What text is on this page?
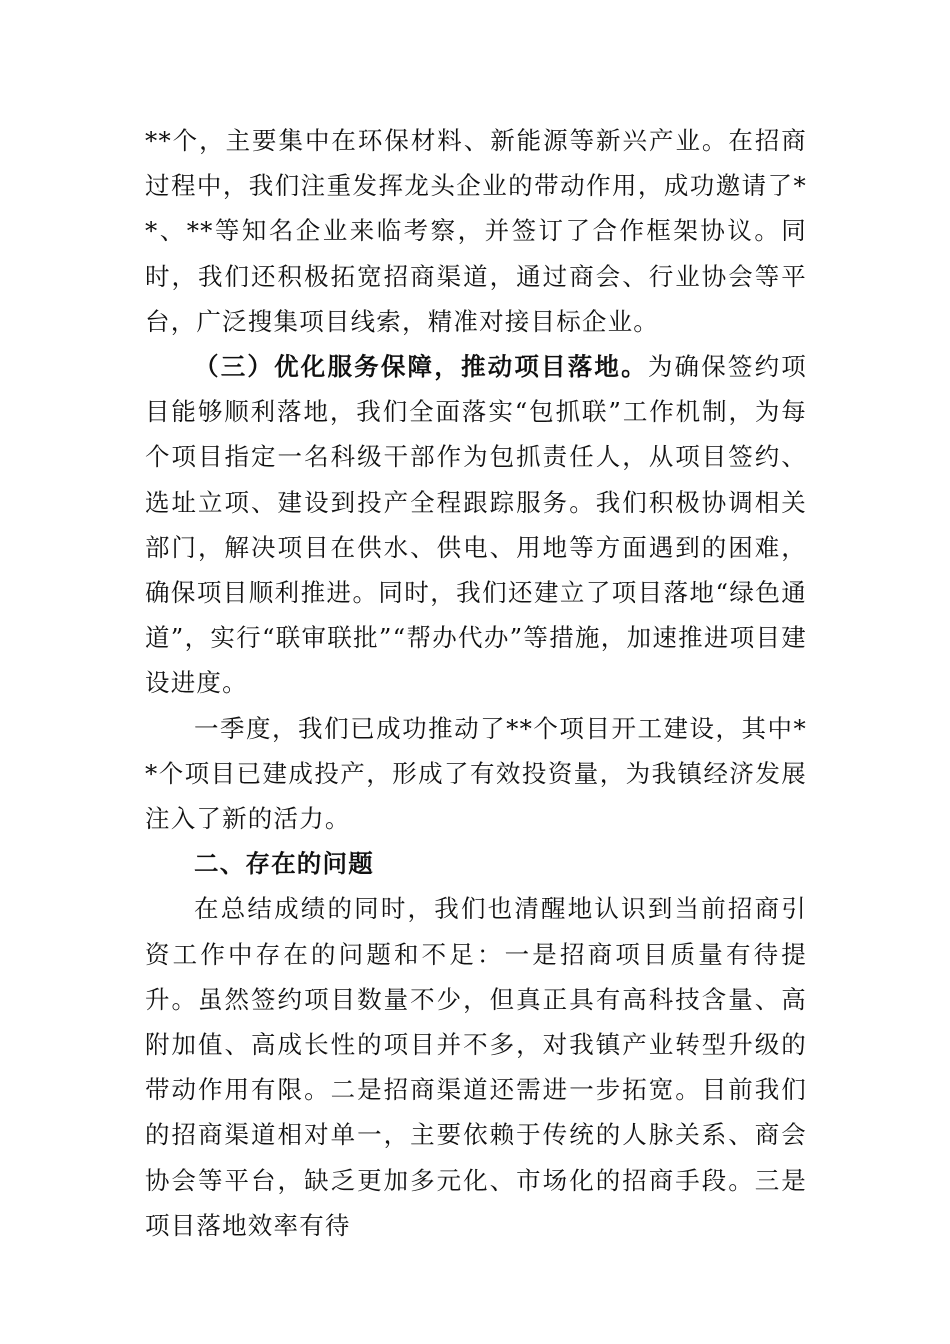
**个，主要集中在环保材料、新能源等新兴产业。在招商过程中，我们注重发挥龙头企业的带动作用，成功邀请了**、**等知名企业来临考察，并签订了合作框架协议。同时，我们还积极拓宽招商渠道，通过商会、行业协会等平台，广泛搜集项目线索，精准对接目标企业。

（三）优化服务保障，推动项目落地。为确保签约项目能够顺利落地，我们全面落实“包抓联”工作机制，为每个项目指定一名科级干部作为包抓责任人，从项目签约、选址立项、建设到投产全程跟踪服务。我们积极协调相关部门，解决项目在供水、供电、用地等方面遇到的困难，确保项目顺利推进。同时，我们还建立了项目落地“绿色通道”，实行“联审联批”“帮办代办”等措施，加速推进项目建设进度。

一季度，我们已成功推动了**个项目开工建设，其中**个项目已建成投产，形成了有效投资量，为我镇经济发展注入了新的活力。

二、存在的问题

在总结成绩的同时，我们也清醒地认识到当前招商引资工作中存在的问题和不足：一是招商项目质量有待提升。虽然签约项目数量不少，但真正具有高科技含量、高附加值、高成长性的项目并不多，对我镇产业转型升级的带动作用有限。二是招商渠道还需进一步拓宽。目前我们的招商渠道相对单一，主要依赖于传统的人脉关系、商会协会等平台，缺乏更加多元化、市场化的招商手段。三是项目落地效率有待
